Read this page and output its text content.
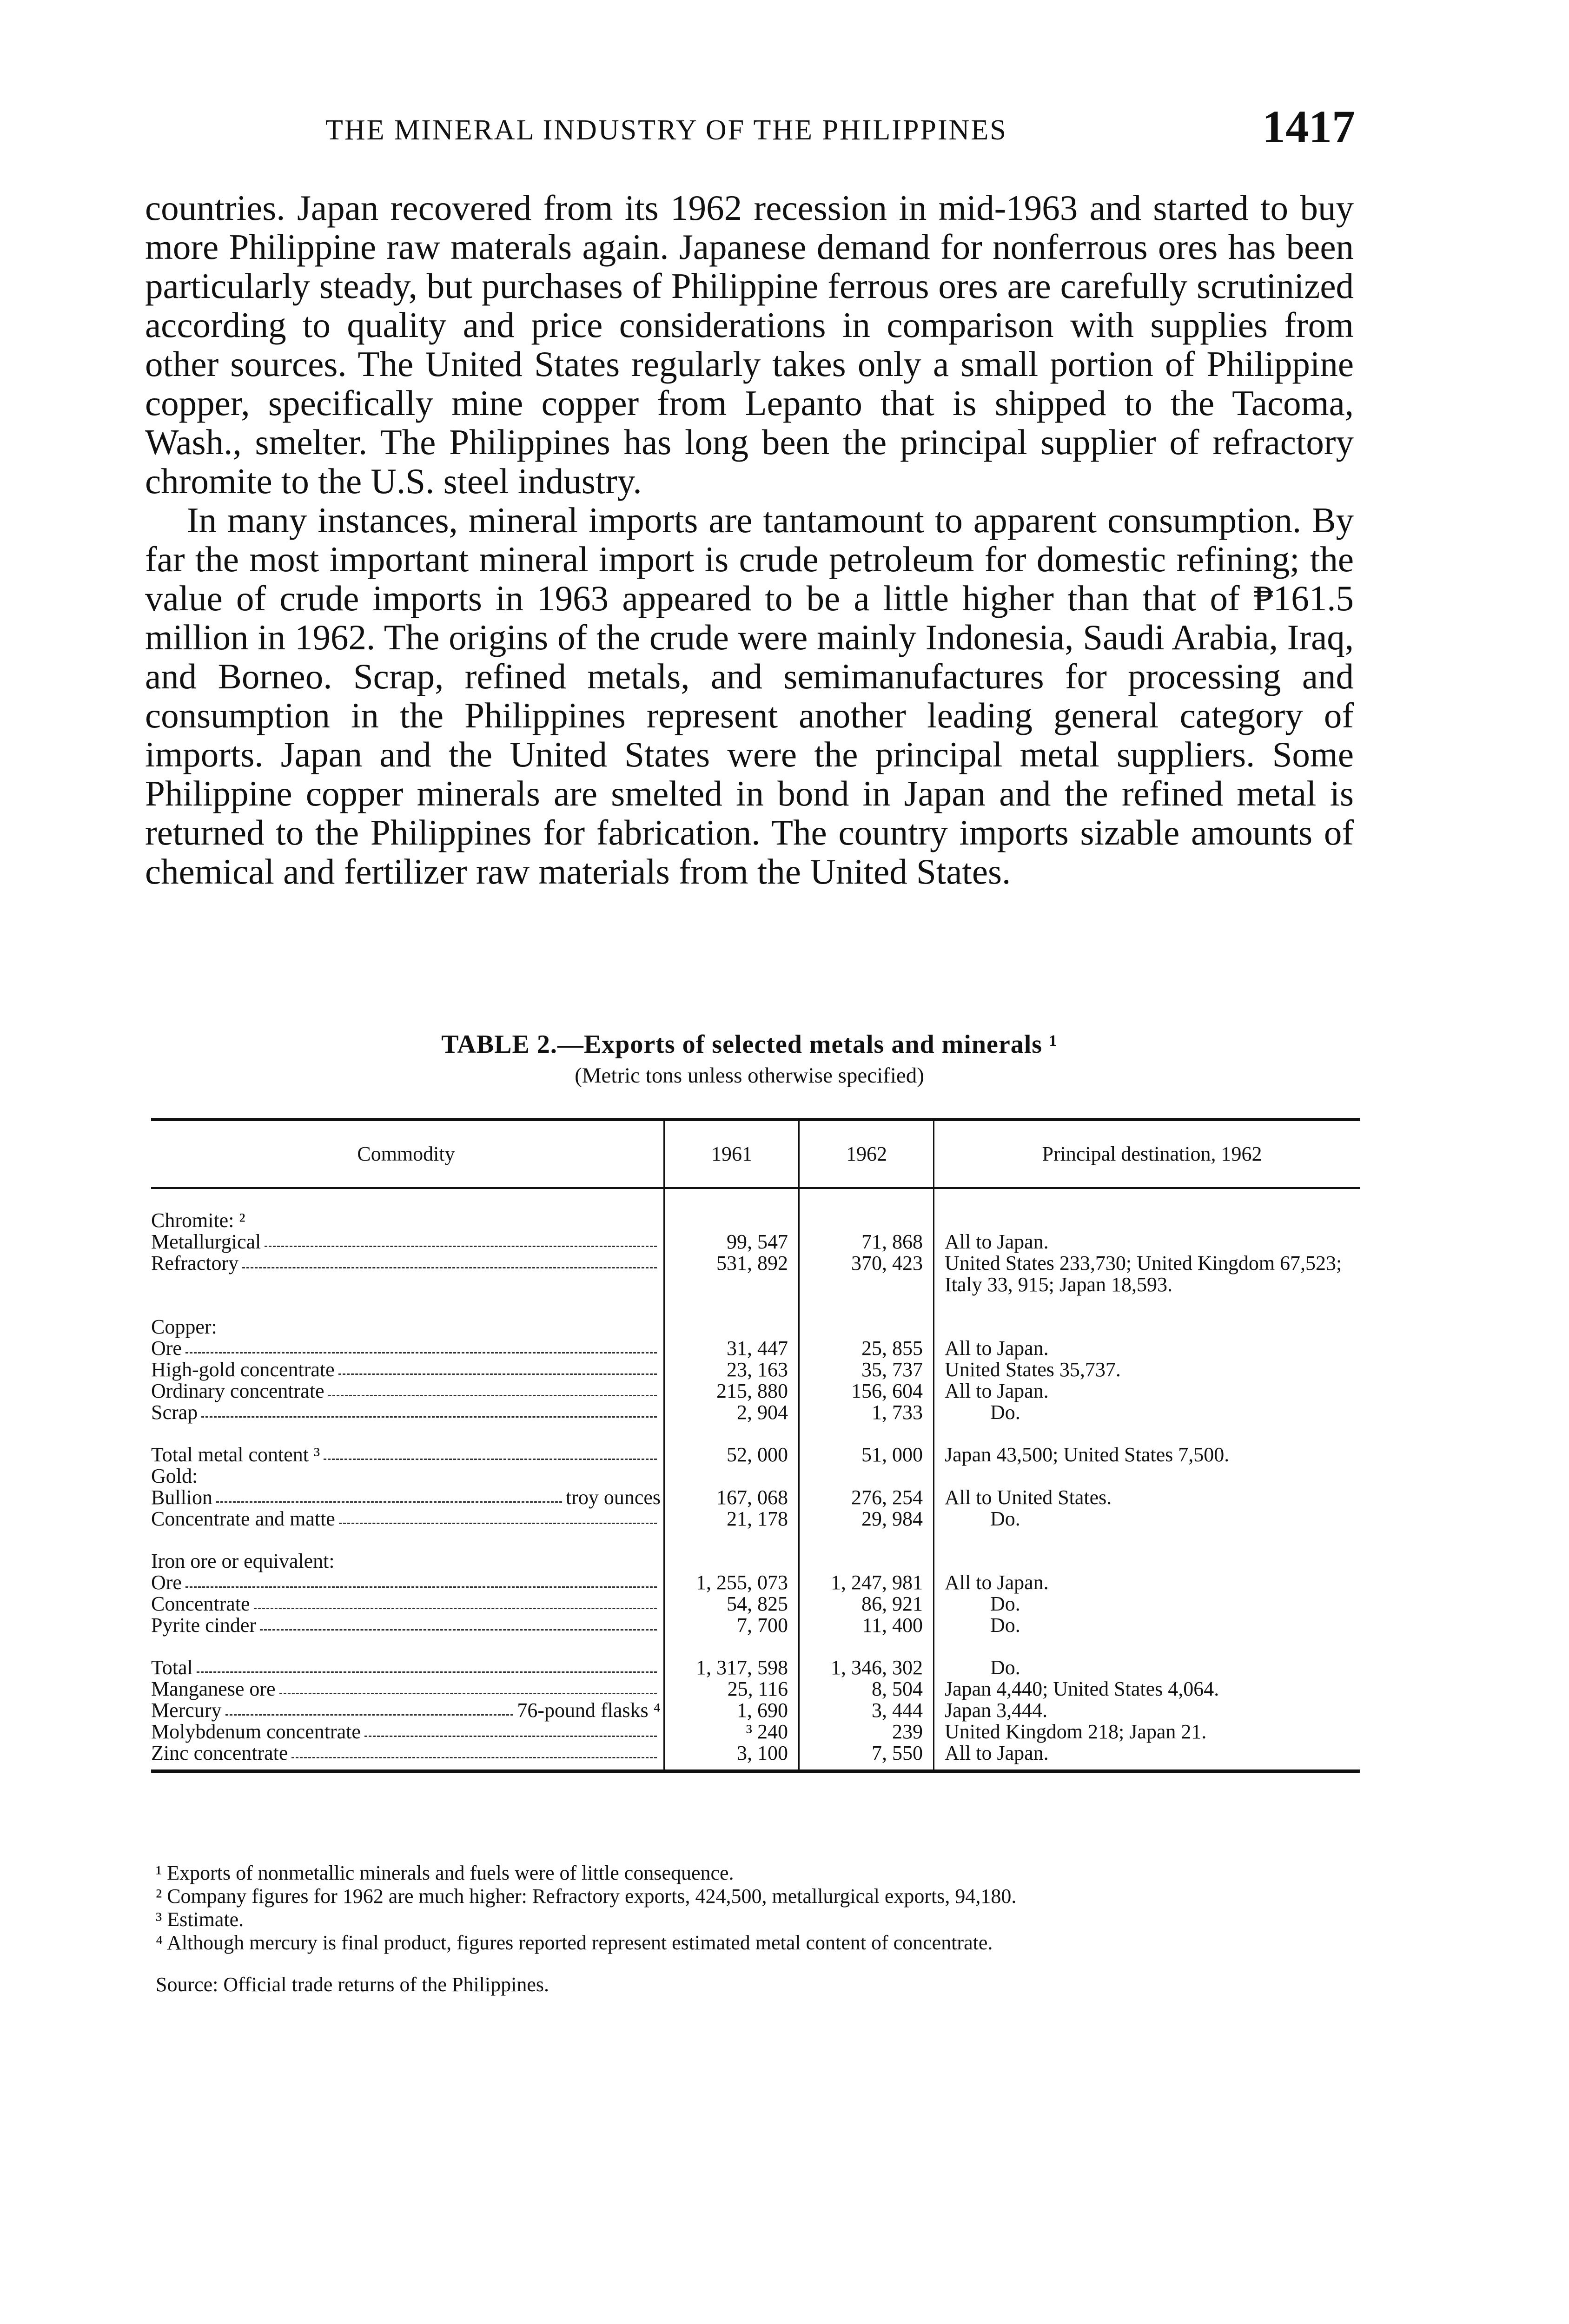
THE MINERAL INDUSTRY OF THE PHILIPPINES	1417

countries. Japan recovered from its 1962 recession in mid-1963 and started to buy more Philippine raw materals again. Japanese demand for nonferrous ores has been particularly steady, but purchases of Philippine ferrous ores are carefully scrutinized according to quality and price considerations in comparison with supplies from other sources. The United States regularly takes only a small portion of Philippine copper, specifically mine copper from Lepanto that is shipped to the Tacoma, Wash., smelter. The Philippines has long been the principal supplier of refractory chromite to the U.S. steel industry.

In many instances, mineral imports are tantamount to apparent consumption. By far the most important mineral import is crude petroleum for domestic refining; the value of crude imports in 1963 appeared to be a little higher than that of ₱161.5 million in 1962. The origins of the crude were mainly Indonesia, Saudi Arabia, Iraq, and Borneo. Scrap, refined metals, and semimanufactures for processing and consumption in the Philippines represent another leading general category of imports. Japan and the United States were the principal metal suppliers. Some Philippine copper minerals are smelted in bond in Japan and the refined metal is returned to the Philippines for fabrication. The country imports sizable amounts of chemical and fertilizer raw materials from the United States.

TABLE 2.—Exports of selected metals and minerals ¹
(Metric tons unless otherwise specified)
Commodity	1961	1962	Principal destination, 1962

Chromite: ²			

Metallurgical	99, 547	71, 868	All to Japan.

Refractory	531, 892	370, 423	United States 233,730; United Kingdom 67,523; Italy 33, 915; Japan 18,593.

Copper:			

Ore	31, 447	25, 855	All to Japan.

High-gold concentrate	23, 163	35, 737	United States 35,737.

Ordinary concentrate	215, 880	156, 604	All to Japan.

Scrap	2, 904	1, 733	Do.

Total metal content ³	52, 000	51, 000	Japan 43,500; United States 7,500.
Gold:			

Bullion troy ounces	167, 068	276, 254	All to United States.

Concentrate and matte	21, 178	29, 984	Do.

Iron ore or equivalent:			

Ore	1, 255, 073	1, 247, 981	All to Japan.

Concentrate	54, 825	86, 921	Do.

Pyrite cinder	7, 700	11, 400	Do.

Total	1, 317, 598	1, 346, 302	Do.

Manganese ore	25, 116	8, 504	Japan 4,440; United States 4,064.

Mercury 76-pound flasks ⁴	1, 690	3, 444	Japan 3,444.

Molybdenum concentrate	³ 240	239	United Kingdom 218; Japan 21.

Zinc concentrate	3, 100	7, 550	All to Japan.

¹ Exports of nonmetallic minerals and fuels were of little consequence.

² Company figures for 1962 are much higher: Refractory exports, 424,500, metallurgical exports, 94,180.

³ Estimate.

⁴ Although mercury is final product, figures reported represent estimated metal content of concentrate.

Source: Official trade returns of the Philippines.
